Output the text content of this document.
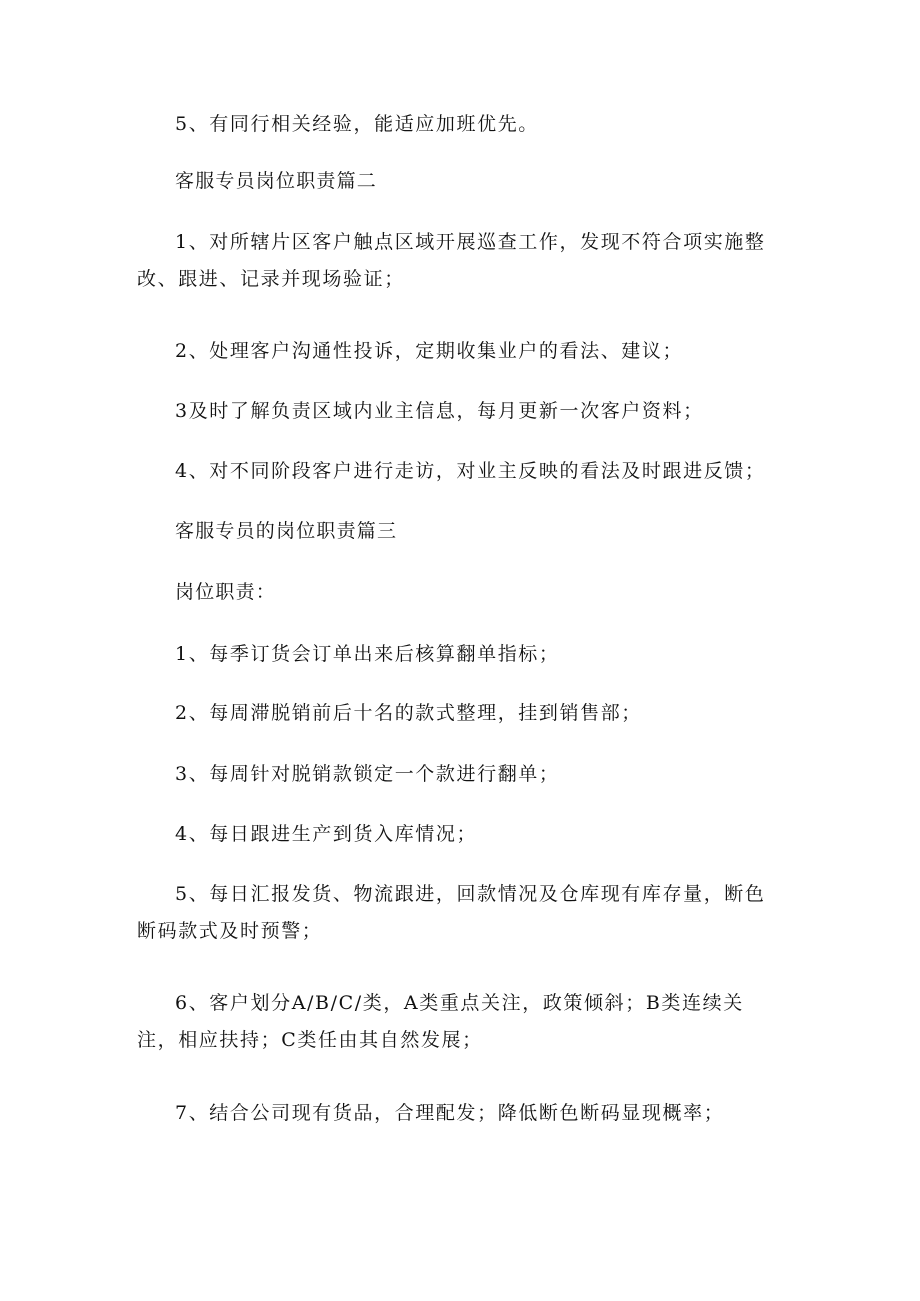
5、有同行相关经验，能适应加班优先。

客服专员岗位职责篇二

1、对所辖片区客户触点区域开展巡查工作，发现不符合项实施整改、跟进、记录并现场验证；

2、处理客户沟通性投诉，定期收集业户的看法、建议；

3及时了解负责区域内业主信息，每月更新一次客户资料；

4、对不同阶段客户进行走访，对业主反映的看法及时跟进反馈；

客服专员的岗位职责篇三

岗位职责：

1、每季订货会订单出来后核算翻单指标；

2、每周滞脱销前后十名的款式整理，挂到销售部；

3、每周针对脱销款锁定一个款进行翻单；

4、每日跟进生产到货入库情况；

5、每日汇报发货、物流跟进，回款情况及仓库现有库存量，断色断码款式及时预警；

6、客户划分A/B/C/类，A类重点关注，政策倾斜；B类连续关注，相应扶持；C类任由其自然发展；

7、结合公司现有货品，合理配发；降低断色断码显现概率；
